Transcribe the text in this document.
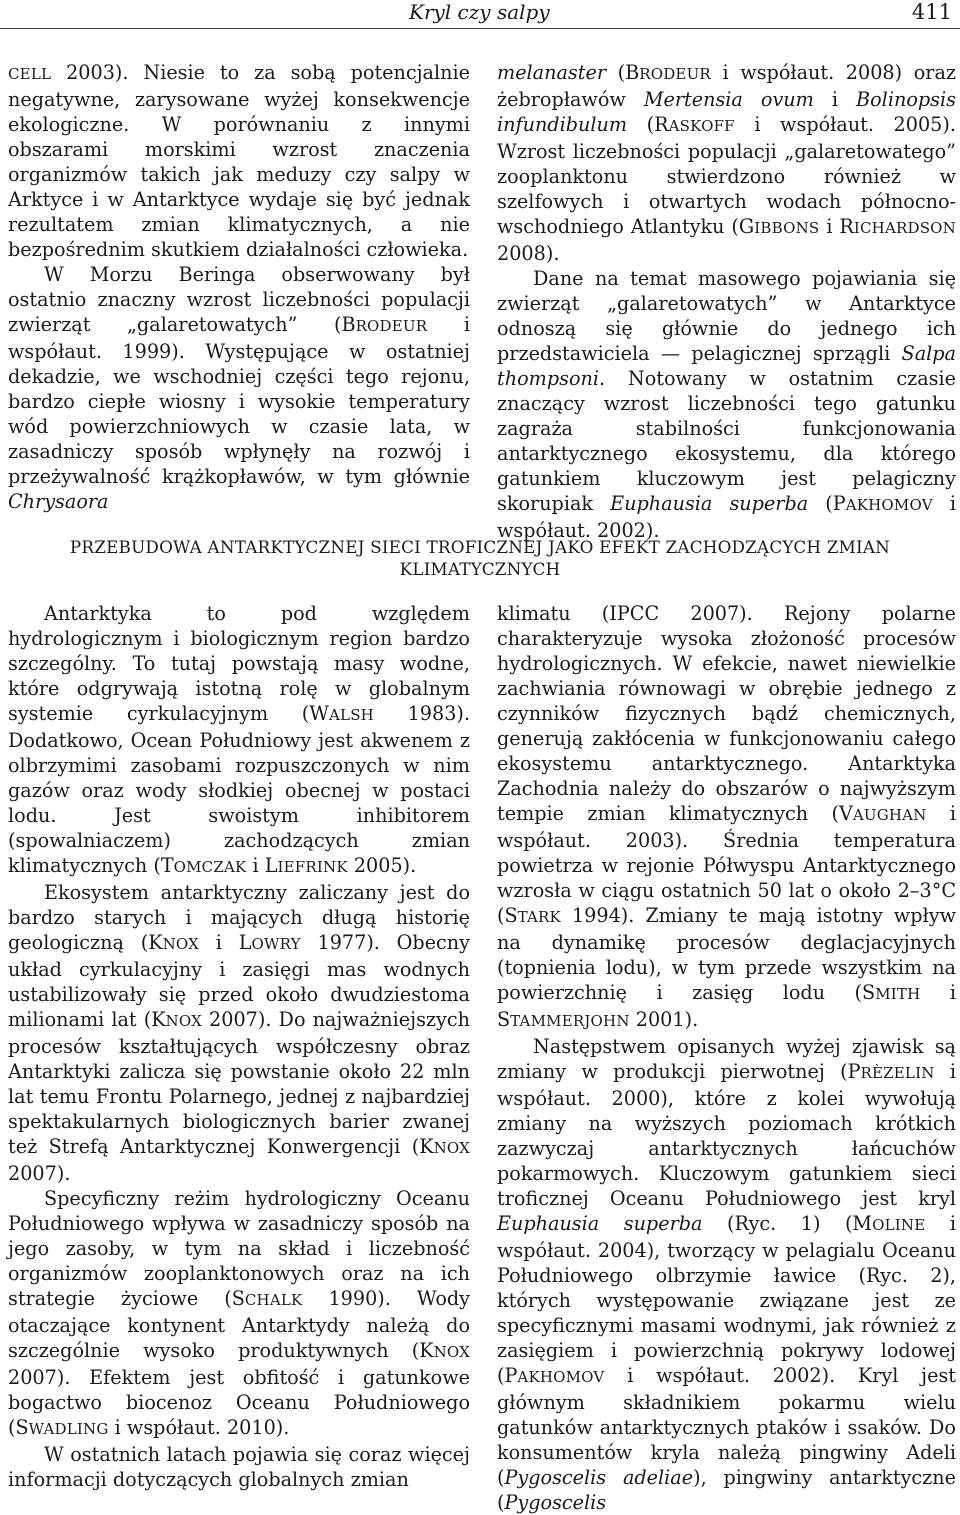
Kryl czy salpy	411

CELL 2003). Niesie to za sobą potencjalnie negatywne, zarysowane wyżej konsekwencje ekologiczne. W porównaniu z innymi obszarami morskimi wzrost znaczenia organizmów takich jak meduzy czy salpy w Arktyce i w Antarktyce wydaje się być jednak rezultatem zmian klimatycznych, a nie bezpośrednim skutkiem działalności człowieka.

W Morzu Beringa obserwowany był ostatnio znaczny wzrost liczebności populacji zwierząt „galaretowatych” (BRODEUR i współaut. 1999). Występujące w ostatniej dekadzie, we wschodniej części tego rejonu, bardzo ciepłe wiosny i wysokie temperatury wód powierzchniowych w czasie lata, w zasadniczy sposób wpłynęły na rozwój i przeżywalność krążkopławów, w tym głównie Chrysaora

melanaster (BRODEUR i współaut. 2008) oraz żebropławów Mertensia ovum i Bolinopsis infundibulum (RASKOFF i współaut. 2005). Wzrost liczebności populacji „galaretowatego” zooplanktonu stwierdzono również w szelfowych i otwartych wodach północno-wschodniego Atlantyku (GIBBONS i RICHARDSON 2008).

Dane na temat masowego pojawiania się zwierząt „galaretowatych” w Antarktyce odnoszą się głównie do jednego ich przedstawiciela — pelagicznej sprzągli Salpa thompsoni. Notowany w ostatnim czasie znaczący wzrost liczebności tego gatunku zagraża stabilności funkcjonowania antarktycznego ekosystemu, dla którego gatunkiem kluczowym jest pelagiczny skorupiak Euphausia superba (PAKHOMOV i współaut. 2002).

PRZEBUDOWA ANTARKTYCZNEJ SIECI TROFICZNEJ JAKO EFEKT ZACHODZĄCYCH ZMIAN KLIMATYCZNYCH

Antarktyka to pod względem hydrologicznym i biologicznym region bardzo szczególny. To tutaj powstają masy wodne, które odgrywają istotną rolę w globalnym systemie cyrkulacyjnym (WALSH 1983). Dodatkowo, Ocean Południowy jest akwenem z olbrzymimi zasobami rozpuszczonych w nim gazów oraz wody słodkiej obecnej w postaci lodu. Jest swoistym inhibitorem (spowalniaczem) zachodzących zmian klimatycznych (TOMCZAK i LIEFRINK 2005).

Ekosystem antarktyczny zaliczany jest do bardzo starych i mających długą historię geologiczną (KNOX i LOWRY 1977). Obecny układ cyrkulacyjny i zasięgi mas wodnych ustabilizowały się przed około dwudziestoma milionami lat (KNOX 2007). Do najważniejszych procesów kształtujących współczesny obraz Antarktyki zalicza się powstanie około 22 mln lat temu Frontu Polarnego, jednej z najbardziej spektakularnych biologicznych barier zwanej też Strefą Antarktycznej Konwergencji (KNOX 2007).

Specyficzny reżim hydrologiczny Oceanu Południowego wpływa w zasadniczy sposób na jego zasoby, w tym na skład i liczebność organizmów zooplanktonowych oraz na ich strategie życiowe (SCHALK 1990). Wody otaczające kontynent Antarktydy należą do szczególnie wysoko produktywnych (KNOX 2007). Efektem jest obfitość i gatunkowe bogactwo biocenoz Oceanu Południowego (SWADLING i współaut. 2010).

W ostatnich latach pojawia się coraz więcej informacji dotyczących globalnych zmian

klimatu (IPCC 2007). Rejony polarne charakteryzuje wysoka złożoność procesów hydrologicznych. W efekcie, nawet niewielkie zachwiania równowagi w obrębie jednego z czynników fizycznych bądź chemicznych, generują zakłócenia w funkcjonowaniu całego ekosystemu antarktycznego. Antarktyka Zachodnia należy do obszarów o najwyższym tempie zmian klimatycznych (VAUGHAN i współaut. 2003). Średnia temperatura powietrza w rejonie Półwyspu Antarktycznego wzrosła w ciągu ostatnich 50 lat o około 2–3°C (STARK 1994). Zmiany te mają istotny wpływ na dynamikę procesów deglacjacyjnych (topnienia lodu), w tym przede wszystkim na powierzchnię i zasięg lodu (SMITH i STAMMERJOHN 2001).

Następstwem opisanych wyżej zjawisk są zmiany w produkcji pierwotnej (PRÈZELIN i współaut. 2000), które z kolei wywołują zmiany na wyższych poziomach krótkich zazwyczaj antarktycznych łańcuchów pokarmowych. Kluczowym gatunkiem sieci troficznej Oceanu Południowego jest kryl Euphausia superba (Ryc. 1) (MOLINE i współaut. 2004), tworzący w pelagialu Oceanu Południowego olbrzymie ławice (Ryc. 2), których występowanie związane jest ze specyficznymi masami wodnymi, jak również z zasięgiem i powierzchnią pokrywy lodowej (PAKHOMOV i współaut. 2002). Kryl jest głównym składnikiem pokarmu wielu gatunków antarktycznych ptaków i ssaków. Do konsumentów kryla należą pingwiny Adeli (Pygoscelis adeliae), pingwiny antarktyczne (Pygoscelis
